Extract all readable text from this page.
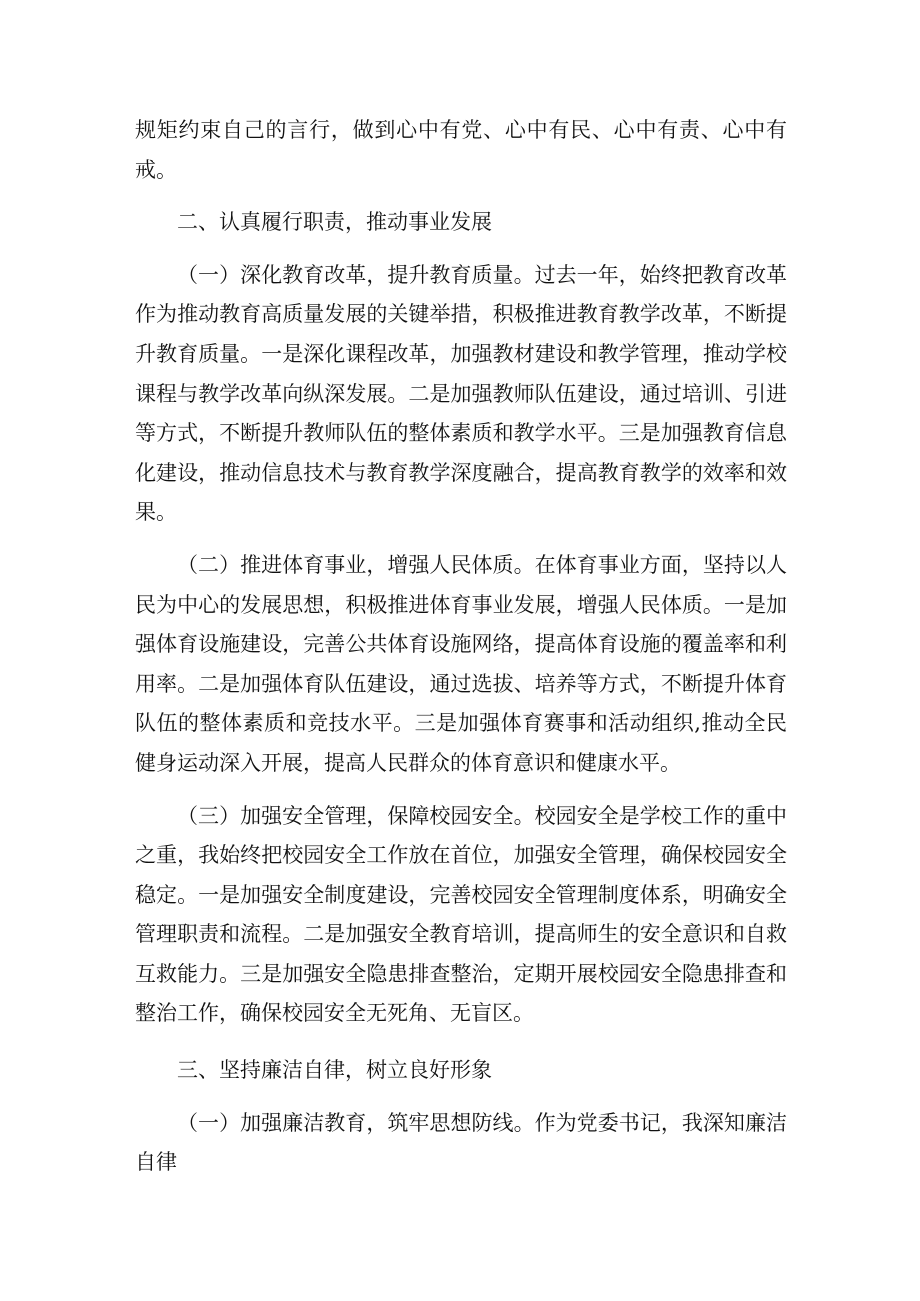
规矩约束自己的言行，做到心中有党、心中有民、心中有责、心中有戒。

二、认真履行职责，推动事业发展

（一）深化教育改革，提升教育质量。过去一年，始终把教育改革作为推动教育高质量发展的关键举措，积极推进教育教学改革，不断提升教育质量。一是深化课程改革，加强教材建设和教学管理，推动学校课程与教学改革向纵深发展。二是加强教师队伍建设，通过培训、引进等方式，不断提升教师队伍的整体素质和教学水平。三是加强教育信息化建设，推动信息技术与教育教学深度融合，提高教育教学的效率和效果。

（二）推进体育事业，增强人民体质。在体育事业方面，坚持以人民为中心的发展思想，积极推进体育事业发展，增强人民体质。一是加强体育设施建设，完善公共体育设施网络，提高体育设施的覆盖率和利用率。二是加强体育队伍建设，通过选拔、培养等方式，不断提升体育队伍的整体素质和竞技水平。三是加强体育赛事和活动组织,推动全民健身运动深入开展，提高人民群众的体育意识和健康水平。

（三）加强安全管理，保障校园安全。校园安全是学校工作的重中之重，我始终把校园安全工作放在首位，加强安全管理，确保校园安全稳定。一是加强安全制度建设，完善校园安全管理制度体系，明确安全管理职责和流程。二是加强安全教育培训，提高师生的安全意识和自救互救能力。三是加强安全隐患排查整治，定期开展校园安全隐患排查和整治工作，确保校园安全无死角、无盲区。

三、坚持廉洁自律，树立良好形象

（一）加强廉洁教育，筑牢思想防线。作为党委书记，我深知廉洁自律
